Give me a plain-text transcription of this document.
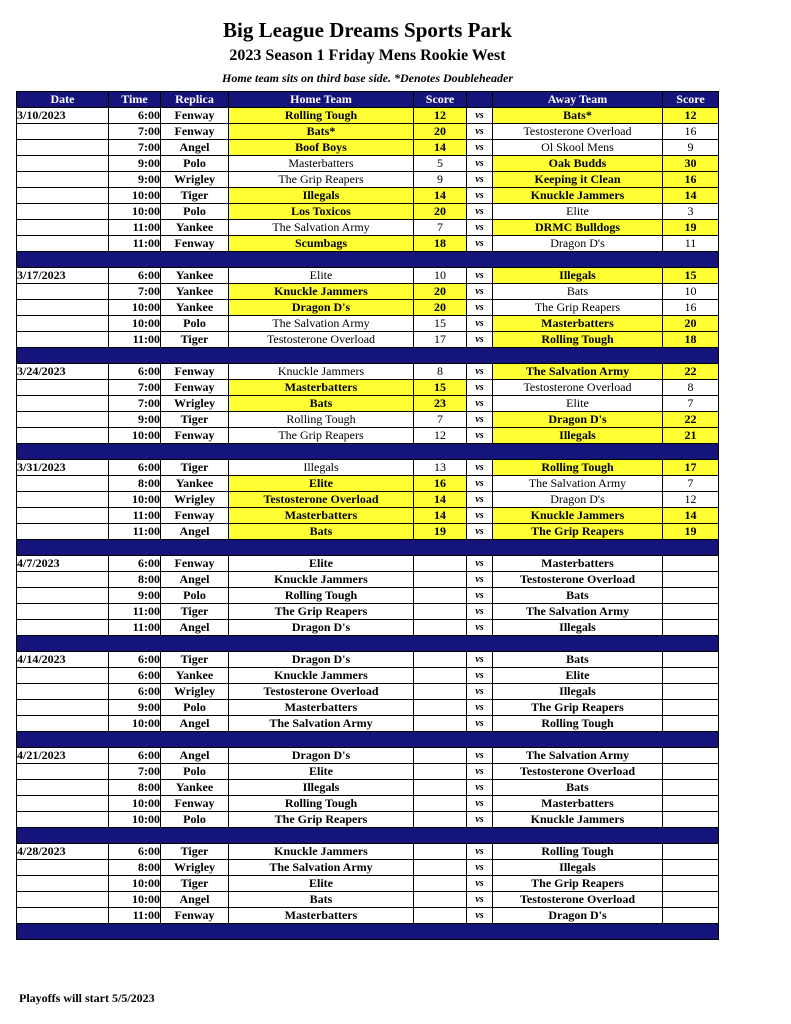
Big League Dreams Sports Park
2023 Season 1 Friday Mens Rookie West
Home team sits on third base side. *Denotes Doubleheader
Date	Time	Replica	Home Team	Score		Away Team	Score
3/10/2023	6:00	Fenway	Rolling Tough	12	vs	Bats*	12
	7:00	Fenway	Bats*	20	vs	Testosterone Overload	16
	7:00	Angel	Boof Boys	14	vs	Ol Skool Mens	9
	9:00	Polo	Masterbatters	5	vs	Oak Budds	30
	9:00	Wrigley	The Grip Reapers	9	vs	Keeping it Clean	16
	10:00	Tiger	Illegals	14	vs	Knuckle Jammers	14
	10:00	Polo	Los Toxicos	20	vs	Elite	3
	11:00	Yankee	The Salvation Army	7	vs	DRMC Bulldogs	19
	11:00	Fenway	Scumbags	18	vs	Dragon D's	11

3/17/2023	6:00	Yankee	Elite	10	vs	Illegals	15
	7:00	Yankee	Knuckle Jammers	20	vs	Bats	10
	10:00	Yankee	Dragon D's	20	vs	The Grip Reapers	16
	10:00	Polo	The Salvation Army	15	vs	Masterbatters	20
	11:00	Tiger	Testosterone Overload	17	vs	Rolling Tough	18

3/24/2023	6:00	Fenway	Knuckle Jammers	8	vs	The Salvation Army	22
	7:00	Fenway	Masterbatters	15	vs	Testosterone Overload	8
	7:00	Wrigley	Bats	23	vs	Elite	7
	9:00	Tiger	Rolling Tough	7	vs	Dragon D's	22
	10:00	Fenway	The Grip Reapers	12	vs	Illegals	21

3/31/2023	6:00	Tiger	Illegals	13	vs	Rolling Tough	17
	8:00	Yankee	Elite	16	vs	The Salvation Army	7
	10:00	Wrigley	Testosterone Overload	14	vs	Dragon D's	12
	11:00	Fenway	Masterbatters	14	vs	Knuckle Jammers	14
	11:00	Angel	Bats	19	vs	The Grip Reapers	19

4/7/2023	6:00	Fenway	Elite		vs	Masterbatters	
	8:00	Angel	Knuckle Jammers		vs	Testosterone Overload	
	9:00	Polo	Rolling Tough		vs	Bats	
	11:00	Tiger	The Grip Reapers		vs	The Salvation Army	
	11:00	Angel	Dragon D's		vs	Illegals	

4/14/2023	6:00	Tiger	Dragon D's		vs	Bats	
	6:00	Yankee	Knuckle Jammers		vs	Elite	
	6:00	Wrigley	Testosterone Overload		vs	Illegals	
	9:00	Polo	Masterbatters		vs	The Grip Reapers	
	10:00	Angel	The Salvation Army		vs	Rolling Tough	

4/21/2023	6:00	Angel	Dragon D's		vs	The Salvation Army	
	7:00	Polo	Elite		vs	Testosterone Overload	
	8:00	Yankee	Illegals		vs	Bats	
	10:00	Fenway	Rolling Tough		vs	Masterbatters	
	10:00	Polo	The Grip Reapers		vs	Knuckle Jammers	

4/28/2023	6:00	Tiger	Knuckle Jammers		vs	Rolling Tough	
	8:00	Wrigley	The Salvation Army		vs	Illegals	
	10:00	Tiger	Elite		vs	The Grip Reapers	
	10:00	Angel	Bats		vs	Testosterone Overload	
	11:00	Fenway	Masterbatters		vs	Dragon D's	

Playoffs will start 5/5/2023
